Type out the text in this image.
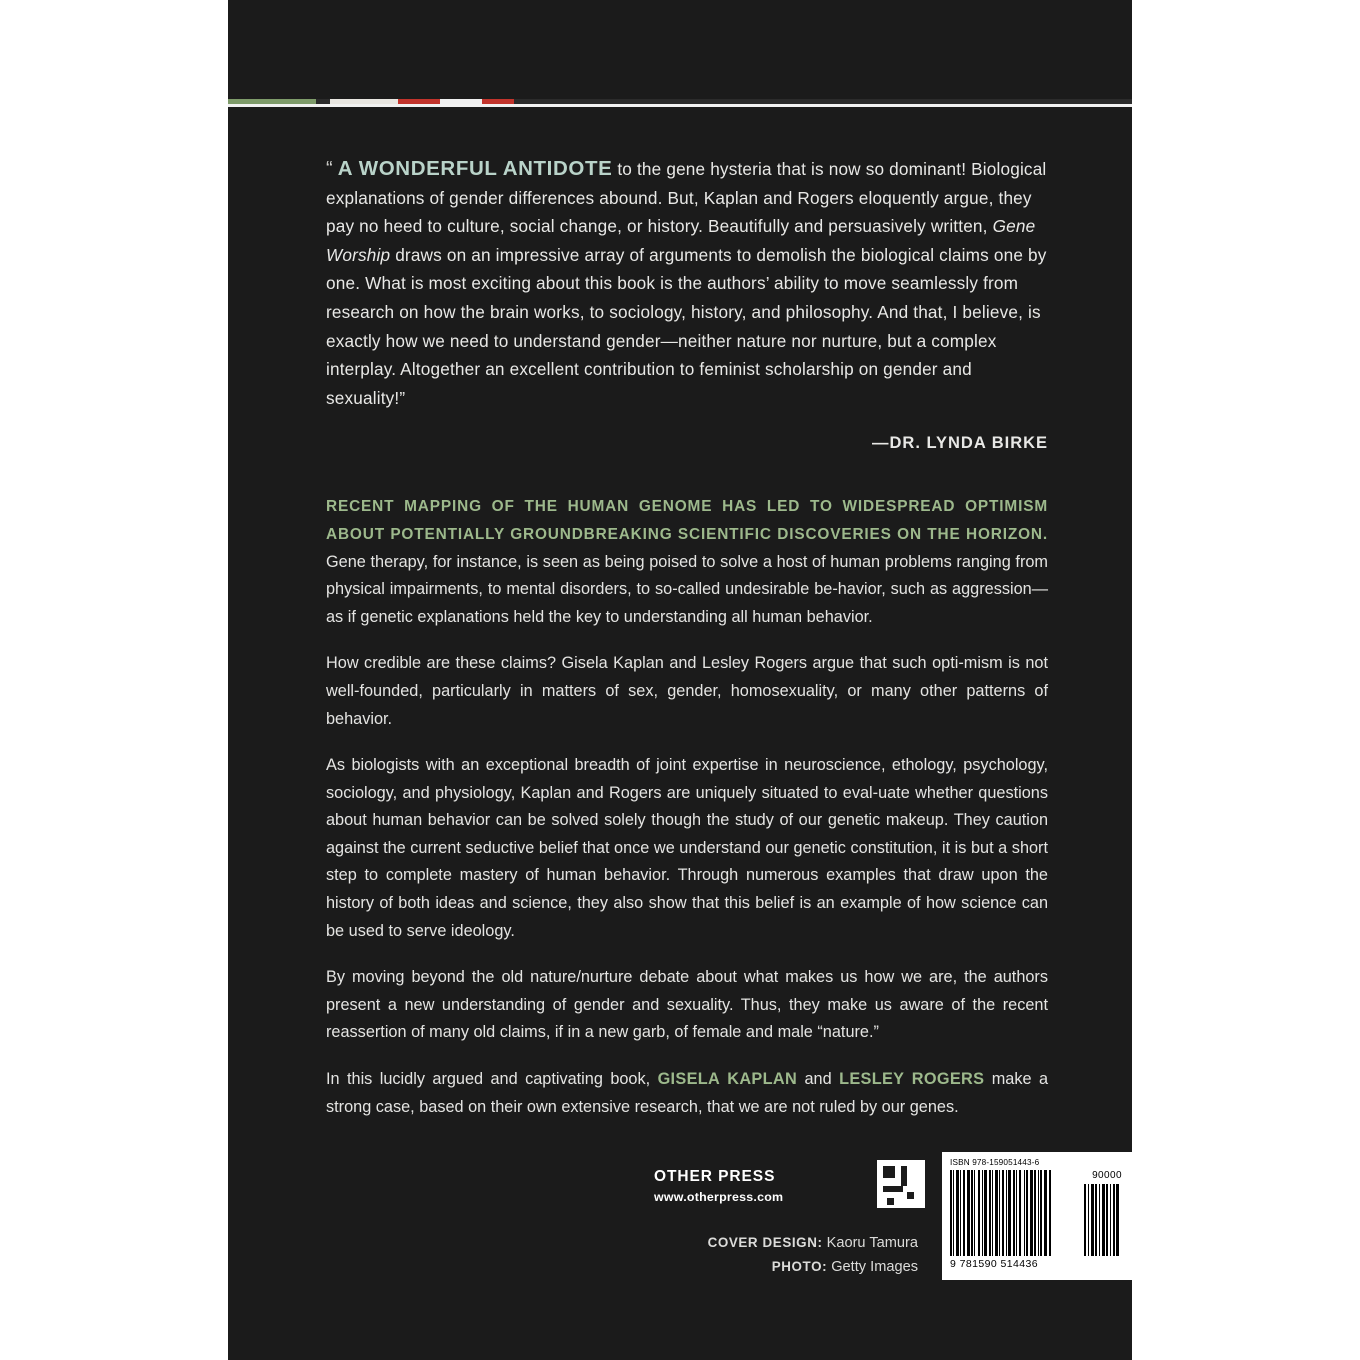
“ A WONDERFUL ANTIDOTE to the gene hysteria that is now so dominant! Biological explanations of gender differences abound. But, Kaplan and Rogers eloquently argue, they pay no heed to culture, social change, or history. Beautifully and persuasively written, Gene Worship draws on an impressive array of arguments to demolish the biological claims one by one. What is most exciting about this book is the authors’ ability to move seamlessly from research on how the brain works, to sociology, history, and philosophy. And that, I believe, is exactly how we need to understand gender—neither nature nor nurture, but a complex interplay. Altogether an excellent contribution to feminist scholarship on gender and sexuality!”
—DR. LYNDA BIRKE

RECENT MAPPING OF THE HUMAN GENOME HAS LED TO WIDESPREAD OPTIMISM ABOUT POTENTIALLY GROUNDBREAKING SCIENTIFIC DISCOVERIES ON THE HORIZON. Gene therapy, for instance, is seen as being poised to solve a host of human problems ranging from physical impairments, to mental disorders, to so-called undesirable be-havior, such as aggression—as if genetic explanations held the key to understanding all human behavior.

How credible are these claims? Gisela Kaplan and Lesley Rogers argue that such opti-mism is not well-founded, particularly in matters of sex, gender, homosexuality, or many other patterns of behavior.

As biologists with an exceptional breadth of joint expertise in neuroscience, ethology, psychology, sociology, and physiology, Kaplan and Rogers are uniquely situated to eval-uate whether questions about human behavior can be solved solely though the study of our genetic makeup. They caution against the current seductive belief that once we understand our genetic constitution, it is but a short step to complete mastery of human behavior. Through numerous examples that draw upon the history of both ideas and science, they also show that this belief is an example of how science can be used to serve ideology.

By moving beyond the old nature/nurture debate about what makes us how we are, the authors present a new understanding of gender and sexuality. Thus, they make us aware of the recent reassertion of many old claims, if in a new garb, of female and male “nature.”

In this lucidly argued and captivating book, GISELA KAPLAN and LESLEY ROGERS make a strong case, based on their own extensive research, that we are not ruled by our genes.

OTHER PRESS
www.otherpress.com
COVER DESIGN: Kaoru Tamura
PHOTO: Getty Images
ISBN 978-159051443-6
9 781590 514436
90000
